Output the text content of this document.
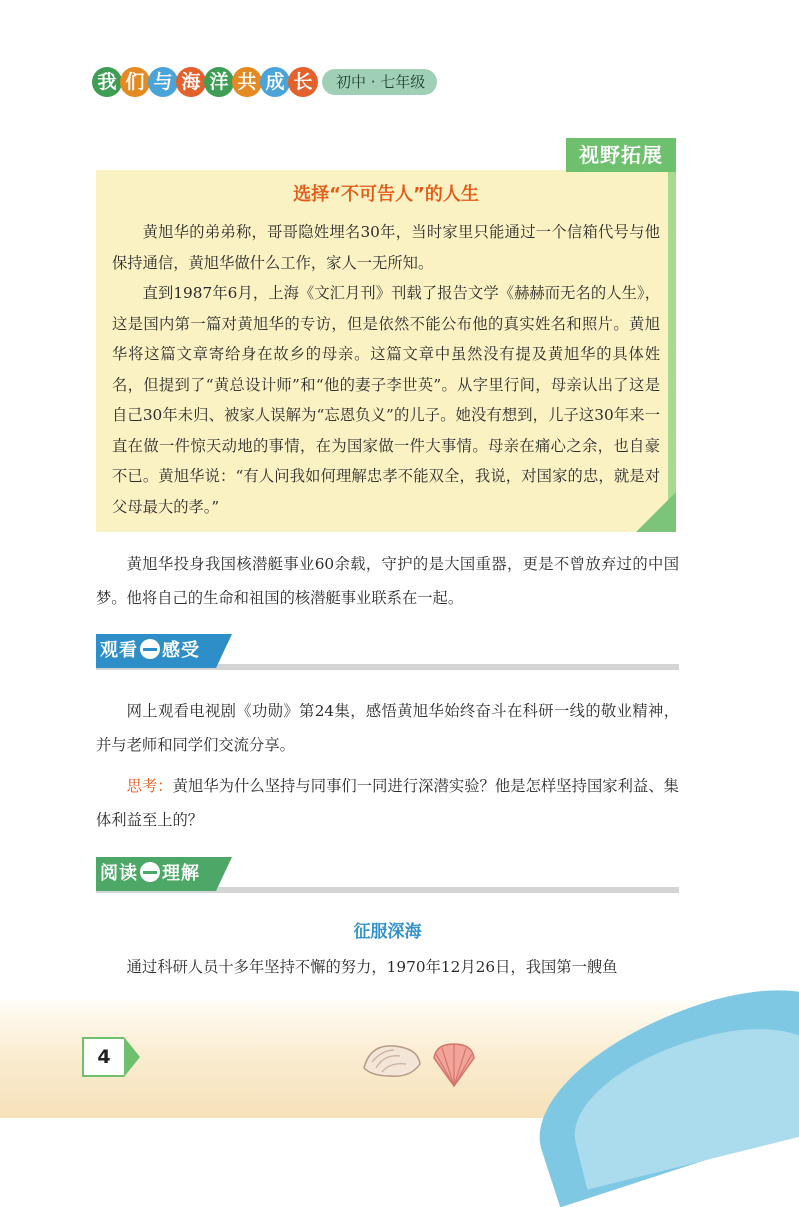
我 们 与 海 洋 共 成 长	初中 · 七年级
视野拓展
选择“不可告人”的人生

黄旭华的弟弟称，哥哥隐姓埋名30年，当时家里只能通过一个信箱代号与他保持通信，黄旭华做什么工作，家人一无所知。

直到1987年6月，上海《文汇月刊》刊载了报告文学《赫赫而无名的人生》，这是国内第一篇对黄旭华的专访，但是依然不能公布他的真实姓名和照片。黄旭华将这篇文章寄给身在故乡的母亲。这篇文章中虽然没有提及黄旭华的具体姓名，但提到了“黄总设计师”和“他的妻子李世英”。从字里行间，母亲认出了这是自己30年未归、被家人误解为“忘恩负义”的儿子。她没有想到，儿子这30年来一直在做一件惊天动地的事情，在为国家做一件大事情。母亲在痛心之余，也自豪不已。黄旭华说：“有人问我如何理解忠孝不能双全，我说，对国家的忠，就是对父母最大的孝。”

黄旭华投身我国核潜艇事业60余载，守护的是大国重器，更是不曾放弃过的中国梦。他将自己的生命和祖国的核潜艇事业联系在一起。

观看 感受

网上观看电视剧《功勋》第24集，感悟黄旭华始终奋斗在科研一线的敬业精神，并与老师和同学们交流分享。

思考：黄旭华为什么坚持与同事们一同进行深潜实验？他是怎样坚持国家利益、集体利益至上的？

阅读 理解
征服深海

通过科研人员十多年坚持不懈的努力，1970年12月26日，我国第一艘鱼

4
